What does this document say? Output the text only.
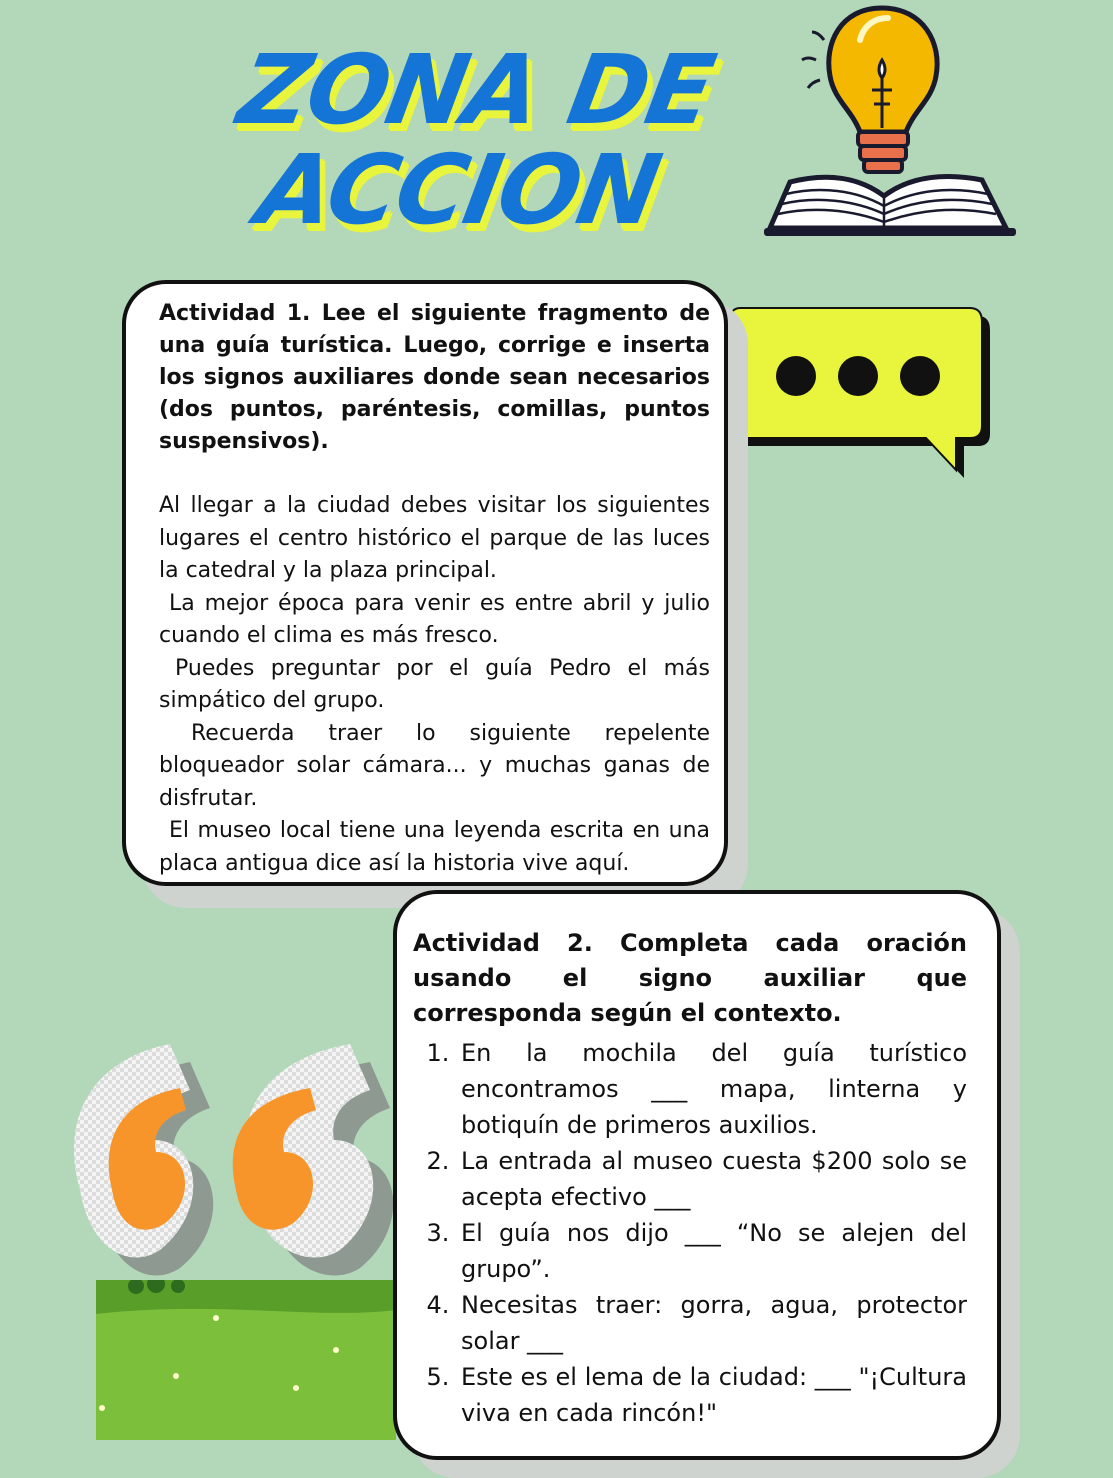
ZONA DE
ACCION

Actividad 1. Lee el siguiente fragmento de una guía turística. Luego, corrige e inserta los signos auxiliares donde sean necesarios (dos puntos, paréntesis, comillas, puntos suspensivos).

Al llegar a la ciudad debes visitar los siguientes lugares el centro histórico el parque de las luces la catedral y la plaza principal.

La mejor época para venir es entre abril y julio cuando el clima es más fresco.

Puedes preguntar por el guía Pedro el más simpático del grupo.

Recuerda traer lo siguiente repelente bloqueador solar cámara... y muchas ganas de disfrutar.

El museo local tiene una leyenda escrita en una placa antigua dice así la historia vive aquí.

Actividad 2. Completa cada oración usando el signo auxiliar que corresponda según el contexto.

1. En la mochila del guía turístico encontramos ___ mapa, linterna y botiquín de primeros auxilios.
2. La entrada al museo cuesta $200 solo se acepta efectivo ___
3. El guía nos dijo ___ “No se alejen del grupo”.
4. Necesitas traer: gorra, agua, protector solar ___
5. Este es el lema de la ciudad: ___ "¡Cultura viva en cada rincón!"
